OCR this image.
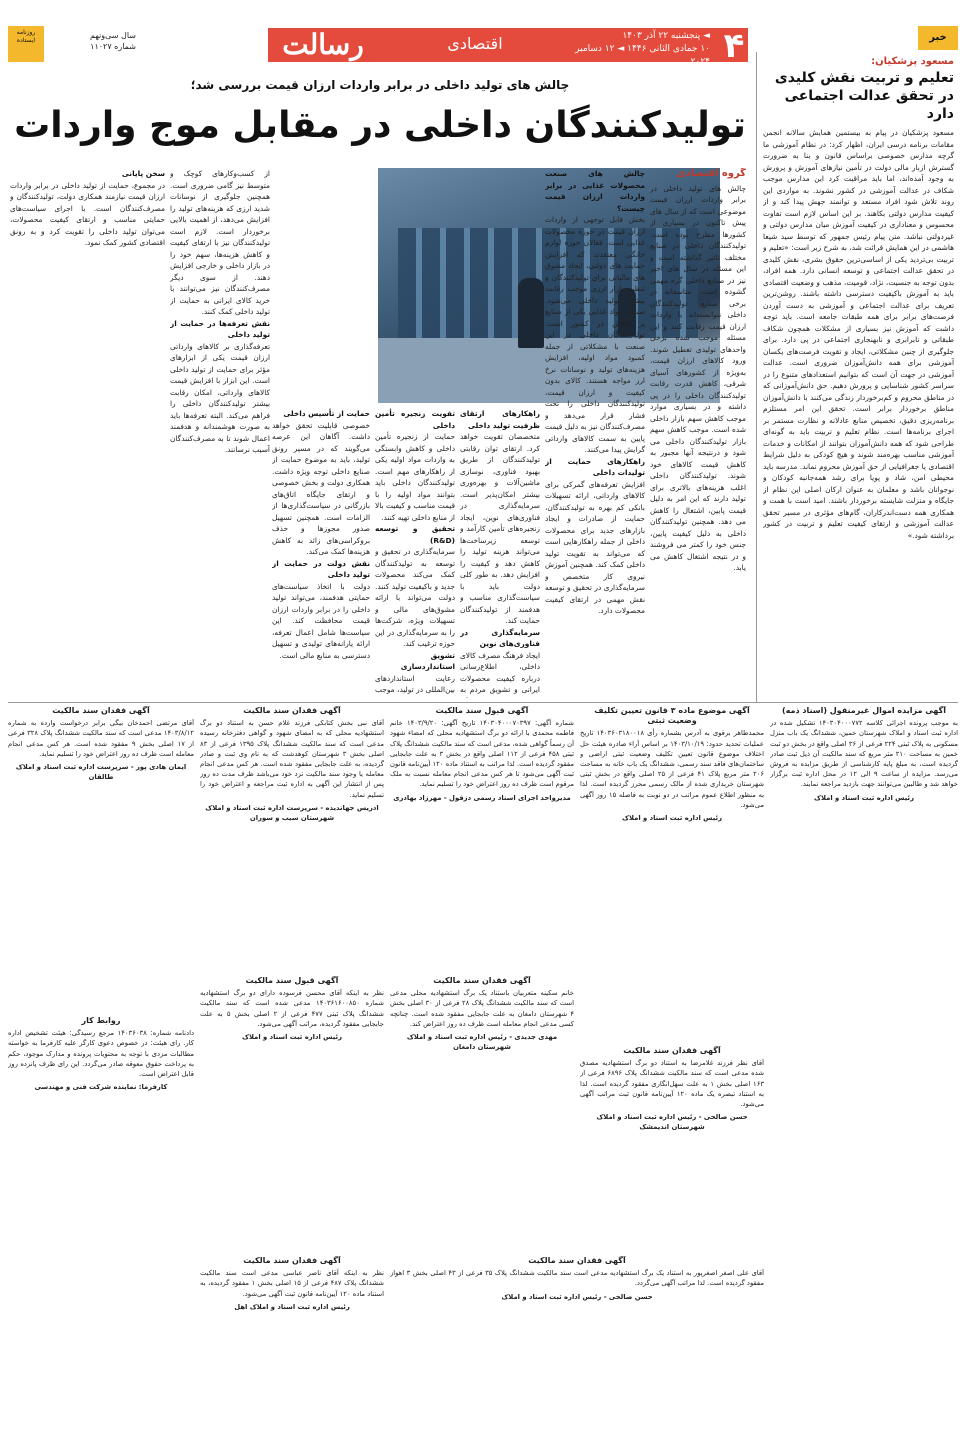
خبر
۴
◄ پنجشنبه ۲۲ آذر ۱۴۰۳
۱۰ جمادی الثانی ۱۴۴۶ ◄ ۱۲ دسامبر ۲۰۲۴
اقتصادی
رسالت
سال سی‌ونهم
شماره ۱۱۰۲۷
روزنامه ایستاده
مسعود پزشکیان:
تعلیم و تربیت نقش کلیدی در تحقق عدالت اجتماعی دارد
مسعود پزشکیان در پیام به بیستمین همایش سالانه انجمن مقامات برنامه درسی ایران، اظهار کرد: در نظام آموزشی ما گرچه مدارس خصوصی براساس قانون و بنا به ضرورت گسترش ازبار مالی دولت در تأمین نیازهای آموزش و پرورش به وجود آمده‌اند، اما باید مراقبت کرد این مدارس موجب شکاف در عدالت آموزشی در کشور نشوند. به مواردی این روند تلاش شود افراد مستعد و توانمند جهش پیدا کند و از کیفیت مدارس دولتی بکاهند. بر این اساس لازم است تفاوت محسوس و معناداری در کیفیت آموزش میان مدارس دولتی و غیردولتی نباشد. متن پیام رئیس جمهور که توسط سید شیعا هاشمی در این همایش قرائت شد، به شرح زیر است: «تعلیم و تربیت بی‌تردید یکی از اساسی‌ترین حقوق بشری، نقش کلیدی در تحقق عدالت اجتماعی و توسعه انسانی دارد. همه افراد، بدون توجه به جنسیت، نژاد، قومیت، مذهب و وضعیت اقتصادی باید به آموزش باکیفیت دسترسی داشته باشند. روشن‌ترین تعریف برای عدالت اجتماعی و آموزشی به دست آوردن فرصت‌های برابر برای همه طبقات جامعه است. باید توجه داشت که آموزش نیز بسیاری از مشکلات همچون شکاف طبقاتی و نابرابری و نابهنجاری اجتماعی در پی دارد. برای جلوگیری از چنین مشکلاتی، ایجاد و تقویت فرصت‌های یکسان آموزشی برای همه دانش‌آموزان ضروری است. عدالت آموزشی در جهت آن است که بتوانیم استعدادهای متنوع را در سراسر کشور شناسایی و پرورش دهیم. حق دانش‌آموزانی که در مناطق محروم و کم‌برخوردار زندگی می‌کنند با دانش‌آموزان مناطق برخوردار برابر است. تحقق این امر مستلزم برنامه‌ریزی دقیق، تخصیص منابع عادلانه و نظارت مستمر بر اجرای برنامه‌ها است. نظام تعلیم و تربیت باید به گونه‌ای طراحی شود که همه دانش‌آموزان بتوانند از امکانات و خدمات آموزشی مناسب بهره‌مند شوند و هیچ کودکی به دلیل شرایط اقتصادی یا جغرافیایی از حق آموزش محروم نماند. مدرسه باید محیطی امن، شاد و پویا برای رشد همه‌جانبه کودکان و نوجوانان باشد و معلمان به عنوان ارکان اصلی این نظام از جایگاه و منزلت شایسته برخوردار باشند. امید است با همت و همکاری همه دست‌اندرکاران، گام‌های مؤثری در مسیر تحقق عدالت آموزشی و ارتقای کیفیت تعلیم و تربیت در کشور برداشته شود.»
چالش های تولید داخلی در برابر واردات ارزان قیمت بررسی شد؛
تولیدکنندگان داخلی در مقابل موج واردات
گروه اقتصادی
چالش های تولید داخلی در برابر واردات ارزان قیمت موضوعی است که از سال های پیش تاکنون در بسیاری از کشورها مطرح بوده است. تولیدکنندگان داخلی در صنایع مختلف تاثیر گذاشته است و این مسئله در سال های اخیر نیز در صنایع داخلی گره مهمی گشوده است. متاسفانه در برخی صنایع، تولیدکنندگان داخلی نتوانسته‌اند با واردات ارزان قیمت رقابت کنند و این مسئله موجب شده برخی واحدهای تولیدی تعطیل شوند. ورود کالاهای ارزان قیمت، به‌ویژه از کشورهای آسیای شرقی، کاهش قدرت رقابت تولیدکنندگان داخلی را در پی داشته و در بسیاری موارد موجب کاهش سهم بازار داخلی شده است. موجب کاهش سهم بازار تولیدکنندگان داخلی می شود و درنتیجه آنها مجبور به کاهش قیمت کالاهای خود شوند. تولیدکنندگان داخلی اغلب هزینه‌های بالاتری برای تولید دارند که این امر به دلیل قیمت پایین، اشتغال را کاهش می دهد. همچنین تولیدکنندگان داخلی به دلیل کیفیت پایین، جنس خود را کمتر می فروشند و در نتیجه اشتغال کاهش می یابد.
چالش های صنعت محصولات غذایی در برابر واردات ارزان قیمت چیست؟
بخش قابل توجهی از واردات ارزان قیمت در حوزه محصولات غذایی است. فعالان حوزه لوازم خانگی معتقدند که افزایش حمایت های دولتی، ایجاد مشوق های مالیاتی برای تولیدکنندگان و تنظیم بازار ارزی موجب رقابت بیشتر تولید داخلی می‌شود. صنعت مواد غذایی یکی از صنایع پر چالش در کشور است. تولیدکنندگان داخلی در این صنعت با مشکلاتی از جمله کمبود مواد اولیه، افزایش هزینه‌های تولید و نوسانات نرخ ارز مواجه هستند. کالای بدون کیفیت و ارزان قیمت، تولیدکنندگان داخلی را تحت فشار قرار می‌دهد و مصرف‌کنندگان نیز به دلیل قیمت پایین به سمت کالاهای وارداتی گرایش پیدا می‌کنند.
راهکارهای حمایت از تولیدات داخلی
افزایش تعرفه‌های گمرکی برای کالاهای وارداتی، ارائه تسهیلات بانکی کم بهره به تولیدکنندگان، حمایت از صادرات و ایجاد بازارهای جدید برای محصولات داخلی از جمله راهکارهایی است که می‌تواند به تقویت تولید داخلی کمک کند. همچنین آموزش نیروی کار متخصص و سرمایه‌گذاری در تحقیق و توسعه نقش مهمی در ارتقای کیفیت محصولات دارد.
راهکارهای ارتقای ظرفیت تولید داخلی
متخصصان تقویت خواهد کرد. ارتقای توان رقابتی تولیدکنندگان از طریق بهبود فناوری، نوسازی ماشین‌آلات و بهره‌وری بیشتر امکان‌پذیر است. سرمایه‌گذاری در فناوری‌های نوین، ایجاد زنجیره‌های تأمین کارآمد و توسعه زیرساخت‌ها می‌تواند هزینه تولید را کاهش دهد و کیفیت را افزایش دهد. به طور کلی دولت باید با سیاست‌گذاری مناسب و هدفمند از تولیدکنندگان حمایت کند.
سرمایه‌گذاری در فناوری‌های نوین
ایجاد فرهنگ مصرف کالای داخلی، اطلاع‌رسانی درباره کیفیت محصولات ایرانی و تشویق مردم به
تقویت زنجیره تأمین داخلی
حمایت از زنجیره تأمین داخلی و کاهش وابستگی به واردات مواد اولیه یکی از راهکارهای مهم است. تولیدکنندگان داخلی باید بتوانند مواد اولیه را با قیمت مناسب و کیفیت بالا از منابع داخلی تهیه کنند.
تحقیق و توسعه (R&D)
سرمایه‌گذاری در تحقیق و توسعه به تولیدکنندگان کمک می‌کند محصولات جدید و باکیفیت تولید کنند. دولت می‌تواند با ارائه مشوق‌های مالی و تسهیلات ویژه، شرکت‌ها را به سرمایه‌گذاری در این حوزه ترغیب کند.
تشویق استانداردسازی
رعایت استانداردهای بین‌المللی در تولید، موجب
حمایت از تأسیس داخلی
خصوصی قابلیت تحقق خواهد داشت. آگاهان این عرصه می‌گویند که در مسیر رونق تولید، باید به موضوع حمایت از صنایع داخلی توجه ویژه داشت. همکاری دولت و بخش خصوصی و ارتقای جایگاه اتاق‌های بازرگانی در سیاست‌گذاری‌ها از الزامات است. همچنین تسهیل صدور مجوزها و حذف بروکراسی‌های زائد به کاهش هزینه‌ها کمک می‌کند.
نقش دولت در حمایت از تولید داخلی
دولت با اتخاذ سیاست‌های حمایتی هدفمند، می‌تواند تولید داخلی را در برابر واردات ارزان قیمت محافظت کند. این سیاست‌ها شامل اعمال تعرفه، ارائه یارانه‌های تولیدی و تسهیل دسترسی به منابع مالی است.
از کسب‌وکارهای کوچک و متوسط نیز گامی ضروری است. همچنین جلوگیری از نوسانات شدید ارزی که هزینه‌های تولید را افزایش می‌دهد، از اهمیت بالایی برخوردار است. لازم است تولیدکنندگان نیز با ارتقای کیفیت و کاهش هزینه‌ها، سهم خود را در بازار داخلی و خارجی افزایش دهند. از سوی دیگر مصرف‌کنندگان نیز می‌توانند با خرید کالای ایرانی به حمایت از تولید داخلی کمک کنند.
نقش تعرفه‌ها در حمایت از تولید داخلی
تعرفه‌گذاری بر کالاهای وارداتی ارزان قیمت یکی از ابزارهای مؤثر برای حمایت از تولید داخلی است. این ابزار با افزایش قیمت کالاهای وارداتی، امکان رقابت بیشتر تولیدکنندگان داخلی را فراهم می‌کند. البته تعرفه‌ها باید به صورت هوشمندانه و هدفمند اعمال شوند تا به مصرف‌کنندگان آسیب نرسانند.
سخن پایانی
در مجموع، حمایت از تولید داخلی در برابر واردات ارزان قیمت نیازمند همکاری دولت، تولیدکنندگان و مصرف‌کنندگان است. با اجرای سیاست‌های حمایتی مناسب و ارتقای کیفیت محصولات، می‌توان تولید داخلی را تقویت کرد و به رونق اقتصادی کشور کمک نمود.
آگهی مزایده اموال غیرمنقول (اسناد ذمه)
به موجب پرونده اجرائی کلاسه ۱۴۰۳۰۴۰۰۰۷۷۲ تشکیل شده در اداره ثبت اسناد و املاک شهرستان خمین، ششدانگ یک باب منزل مسکونی به پلاک ثبتی ۲۲۴ فرعی از ۳۶ اصلی واقع در بخش دو ثبت خمین به مساحت ۲۱۰ متر مربع که سند مالکیت آن ذیل ثبت صادر گردیده است، به مبلغ پایه کارشناسی از طریق مزایده به فروش می‌رسد. مزایده از ساعت ۹ الی ۱۲ در محل اداره ثبت برگزار خواهد شد و طالبین می‌توانند جهت بازدید مراجعه نمایند.
رئیس اداره ثبت اسناد و املاک
آگهی موضوع ماده ۳ قانون تعیین تکلیف وضعیت ثبتی
محمدطاهر برقوی به آدرس بشماره رأی ۱۴۰۳۶۰۳۱۸۰۰۱۸ تاریخ عملیات تحدید حدود: ۱۴۰۳/۱۰/۱۹ بر اساس آراء صادره هیئت حل اختلاف موضوع قانون تعیین تکلیف وضعیت ثبتی اراضی و ساختمان‌های فاقد سند رسمی، ششدانگ یک باب خانه به مساحت ۲۰۶ متر مربع پلاک ۴۱ فرعی از ۲۵ اصلی واقع در بخش ثبتی شهرستان خریداری شده از مالک رسمی محرز گردیده است. لذا به منظور اطلاع عموم مراتب در دو نوبت به فاصله ۱۵ روز آگهی می‌شود.
رئیس اداره ثبت اسناد و املاک
آگهی قبول سند مالکیت
شماره آگهی: ۱۴۰۳۰۴۰۰۰۷۰۳۹۷ تاریخ آگهی: ۱۴۰۳/۹/۲۰ خانم فاطمه محمدی با ارائه دو برگ استشهادیه محلی که امضاء شهود آن رسماً گواهی شده، مدعی است که سند مالکیت ششدانگ پلاک ثبتی ۴۵۸ فرعی از ۱۱۲ اصلی واقع در بخش ۳ به علت جابجایی مفقود گردیده است. لذا مراتب به استناد ماده ۱۲۰ آیین‌نامه قانون ثبت آگهی می‌شود تا هر کس مدعی انجام معامله نسبت به ملک مرقوم است ظرف ده روز اعتراض خود را تسلیم نماید.
مدیرواحد اجرای اسناد رسمی دزفول - مهرزاد بهادری
آگهی فقدان سند مالکیت
آقای نبی بخش کتابکی فرزند غلام حسن به استناد دو برگ استشهادیه محلی که به امضای شهود و گواهی دفترخانه رسیده مدعی است که سند مالکیت ششدانگ پلاک ۱۳۹۵ فرعی از ۸۳ اصلی بخش ۳ شهرستان کوهدشت که به نام وی ثبت و صادر گردیده، به علت جابجایی مفقود شده است. هر کس مدعی انجام معامله یا وجود سند مالکیت نزد خود می‌باشد ظرف مدت ده روز پس از انتشار این آگهی به اداره ثبت مراجعه و اعتراض خود را تسلیم نماید.
ادریس جهاندیده - سرپرست اداره ثبت اسناد و املاک شهرستان سیب و سوران
آگهی فقدان سند مالکیت
آقای مرتضی احمدخان بیگی برابر درخواست وارده به شماره ۱۴۰۳/۸/۱۲ مدعی است که سند مالکیت ششدانگ پلاک ۳۲۸ فرعی از ۱۷ اصلی بخش ۹ مفقود شده است. هر کس مدعی انجام معامله است ظرف ده روز اعتراض خود را تسلیم نماید.
ایمان هادی پور - سرپرست اداره ثبت اسناد و املاک طالقان
آگهی فقدان سند مالکیت
آقای نظر فرزند غلامرضا به استناد دو برگ استشهادیه مصدق شده مدعی است که سند مالکیت ششدانگ پلاک ۶۸۹۶ فرعی از ۱۶۳ اصلی بخش ۱ به علت سهل‌انگاری مفقود گردیده است. لذا به استناد تبصره یک ماده ۱۲۰ آیین‌نامه قانون ثبت مراتب آگهی می‌شود.
حسن صالحی - رئیس اداره ثبت اسناد و املاک شهرستان اندیمشک
آگهی فقدان سند مالکیت
خانم سکینه متعربیان باستناد یک برگ استشهادیه محلی مدعی است که سند مالکیت ششدانگ پلاک ۲۸ فرعی از ۳۰ اصلی بخش ۴ شهرستان دامغان به علت جابجایی مفقود شده است. چنانچه کسی مدعی انجام معامله است ظرف ده روز اعتراض کند.
مهدی جدیدی - رئیس اداره ثبت اسناد و املاک شهرستان دامغان
آگهی قبول سند مالکیت
نظر به اینکه آقای محسن فرسوده دارای دو برگ استشهادیه شماره ۱۴۰۳۶۱۶۰۰۸۵۰ مدعی شده است که سند مالکیت ششدانگ پلاک ثبتی ۴۷۷ فرعی از ۲ اصلی بخش ۵ به علت جابجایی مفقود گردیده، مراتب آگهی می‌شود.
رئیس اداره ثبت اسناد و املاک
روابط کار
دادنامه شماره: ۱۴۰۳۶۰۳۸ مرجع رسیدگی: هیئت تشخیص اداره کار. رای هیئت: در خصوص دعوی کارگر علیه کارفرما به خواسته مطالبات مزدی با توجه به محتویات پرونده و مدارک موجود، حکم به پرداخت حقوق معوقه صادر می‌گردد. این رای ظرف پانزده روز قابل اعتراض است.
کارفرما: نماینده شرکت فنی و مهندسی
آگهی فقدان سند مالکیت
آقای علی اصغر اصغرپور به استناد یک برگ استشهادیه مدعی است سند مالکیت ششدانگ پلاک ۳۵ فرعی از ۴۳ اصلی بخش ۳ اهواز مفقود گردیده است. لذا مراتب آگهی می‌گردد.
حسن صالحی - رئیس اداره ثبت اسناد و املاک
آگهی فقدان سند مالکیت
نظر به اینکه آقای ناصر عباسی مدعی است سند مالکیت ششدانگ پلاک ۴۸۷ فرعی از ۱۵ اصلی بخش ۱ مفقود گردیده، به استناد ماده ۱۲۰ آیین‌نامه قانون ثبت آگهی می‌شود.
رئیس اداره ثبت اسناد و املاک اهل
